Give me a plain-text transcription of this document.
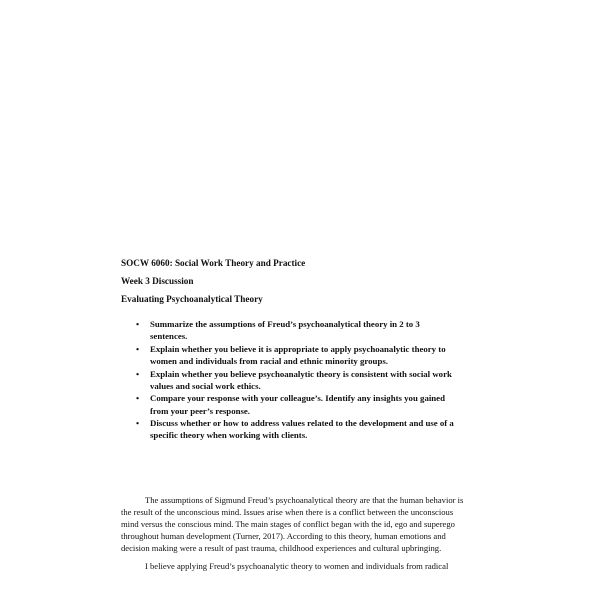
SOCW 6060: Social Work Theory and Practice

Week 3 Discussion

Evaluating Psychoanalytical Theory

• Summarize the assumptions of Freud’s psychoanalytical theory in 2 to 3 sentences.
• Explain whether you believe it is appropriate to apply psychoanalytic theory to women and individuals from racial and ethnic minority groups.
• Explain whether you believe psychoanalytic theory is consistent with social work values and social work ethics.
• Compare your response with your colleague’s. Identify any insights you gained from your peer’s response.
• Discuss whether or how to address values related to the development and use of a specific theory when working with clients.

The assumptions of Sigmund Freud’s psychoanalytical theory are that the human behavior is the result of the unconscious mind. Issues arise when there is a conflict between the unconscious mind versus the conscious mind. The main stages of conflict began with the id, ego and superego throughout human development (Turner, 2017). According to this theory, human emotions and decision making were a result of past trauma, childhood experiences and cultural upbringing.

I believe applying Freud’s psychoanalytic theory to women and individuals from radical
